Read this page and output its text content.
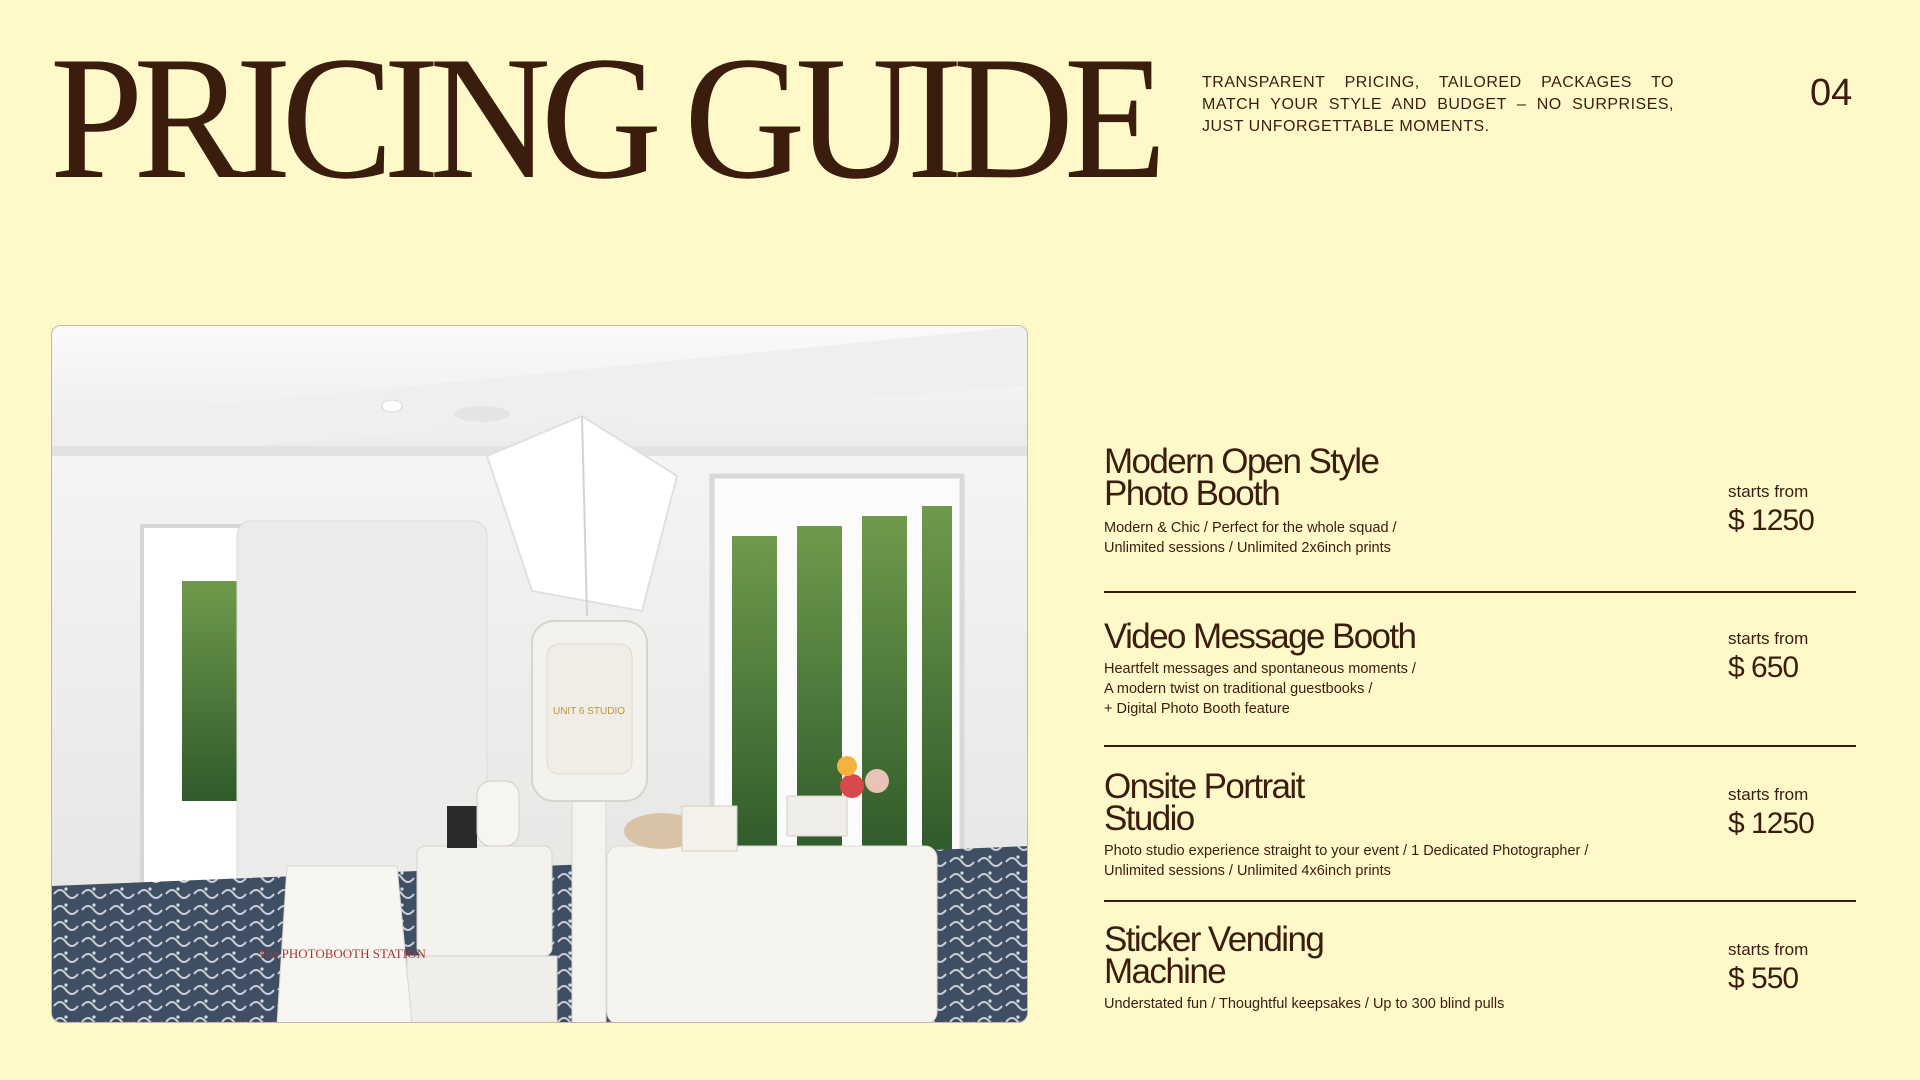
PRICING GUIDE	TRANSPARENT PRICING, TAILORED PACKAGES TO MATCH YOUR STYLE AND BUDGET – NO SURPRISES, JUST UNFORGETTABLE MOMENTS.
04
UNIT 6 STUDIO
The PHOTOBOOTH STATION
Modern Open Style
Photo Booth
Modern & Chic / Perfect for the whole squad /
Unlimited sessions / Unlimited 2x6inch prints
starts from
$ 1250
Video Message Booth
Heartfelt messages and spontaneous moments /
A modern twist on traditional guestbooks /
+ Digital Photo Booth feature
starts from
$ 650
Onsite Portrait
Studio
Photo studio experience straight to your event / 1 Dedicated Photographer /
Unlimited sessions / Unlimited 4x6inch prints
starts from
$ 1250
Sticker Vending
Machine
Understated fun / Thoughtful keepsakes / Up to 300 blind pulls
starts from
$ 550
